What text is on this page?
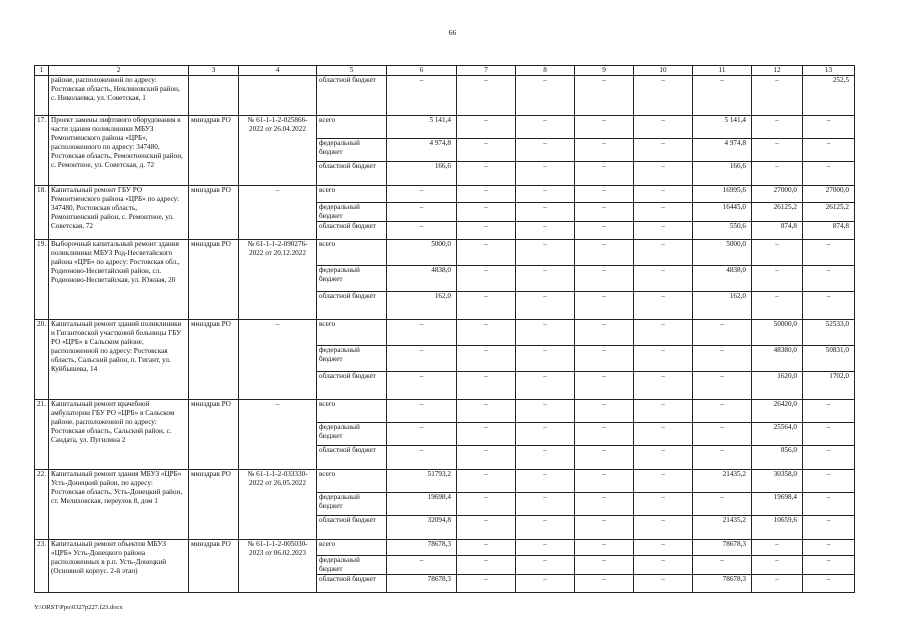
66
1	2	3	4	5	6	7	8	9	10	11	12	13
	районе, расположенной по адресу: Ростовская область, Неклиновский район, с. Николаевка, ул. Советская, 1			областной бюджет	–	–	–	–	–	–	–	252,5
17.	Проект замены лифтового оборудования в части здания поликлиники МБУЗ Ремонтненского района «ЦРБ», расположенного по адресу: 347480, Ростовская область, Ремонтненский район, с. Ремонтное, ул. Советская, д. 72	минздрав РО	№ 61-1-1-2-025866-2022 от 26.04.2022	всего	5 141,4	–	–	–	–	5 141,4	–	–
				федеральный бюджет	4 974,8	–	–	–	–	4 974,8	–	–
				областной бюджет	166,6	–	–	–	–	166,6	–	–
18.	Капитальный ремонт ГБУ РО Ремонтненского района «ЦРБ» по адресу: 347480, Ростовская область, Ремонтненский район, с. Ремонтное, ул. Советская, 72	минздрав РО	–	всего	–	–	–	–	–	16995,6	27000,0	27000,0
				федеральный бюджет	–	–	–	–	–	16445,0	26125,2	26125,2
				областной бюджет	–	–	–	–	–	550,6	874,8	874,8
19.	Выборочный капитальный ремонт здания поликлиники МБУЗ Род-Несветайского района «ЦРБ» по адресу: Ростовская обл., Родионово-Несветайский район, сл. Родионово-Несветайская, ул. Южная, 20	минздрав РО	№ 61-1-1-2-090276-2022 от 20.12.2022	всего	5000,0	–	–	–	–	5000,0	–	–
				федеральный бюджет	4838,0	–	–	–	–	4838,0	–	–
				областной бюджет	162,0	–	–	–	–	162,0	–	–
20.	Капитальный ремонт зданий поликлиники и Гигантовской участковой больницы ГБУ РО «ЦРБ» в Сальском районе, расположенной по адресу: Ростовская область, Сальский район, п. Гигант, ул. Куйбышева, 14	минздрав РО	–	всего	–	–	–	–	–	–	50000,0	52533,0
				федеральный бюджет	–	–	–	–	–	–	48380,0	50831,0
				областной бюджет	–	–	–	–	–	–	1620,0	1702,0
21.	Капитальный ремонт врачебной амбулатории ГБУ РО «ЦРБ» в Сальском районе, расположенной по адресу: Ростовская область, Сальский район, с. Сандата, ул. Пугилина 2	минздрав РО	–	всего	–	–	–	–	–	–	26420,0	–
				федеральный бюджет	–	–	–	–	–	–	25564,0	–
				областной бюджет	–	–	–	–	–	–	856,0	–
22.	Капитальный ремонт здания МБУЗ «ЦРБ» Усть-Донецкий район, по адресу: Ростовская область, Усть-Донецкий район, ст. Мелиховская, переулок 8, дом 1	минздрав РО	№ 61-1-1-2-033330-2022 от 26.05.2022	всего	51793,2	–	–	–	–	21435,2	30358,0	–
				федеральный бюджет	19698,4	–	–	–	–	–	19698,4	–
				областной бюджет	32094,8	–	–	–	–	21435,2	10659,6	–
23.	Капитальный ремонт объектов МБУЗ «ЦРБ» Усть-Донецкого района расположенных в р.п. Усть-Донецкий (Основной корпус. 2-й этап)	минздрав РО	№ 61-1-1-2-005030-2023 от 06.02.2023	всего	78678,3	–	–	–	–	78678,3	–	–
				федеральный бюджет	–	–	–	–	–	–	–	–
				областной бюджет	78678,3	–	–	–	–	78678,3	–	–
Y:\ORST\Ppo\0327p227.f23.docx
